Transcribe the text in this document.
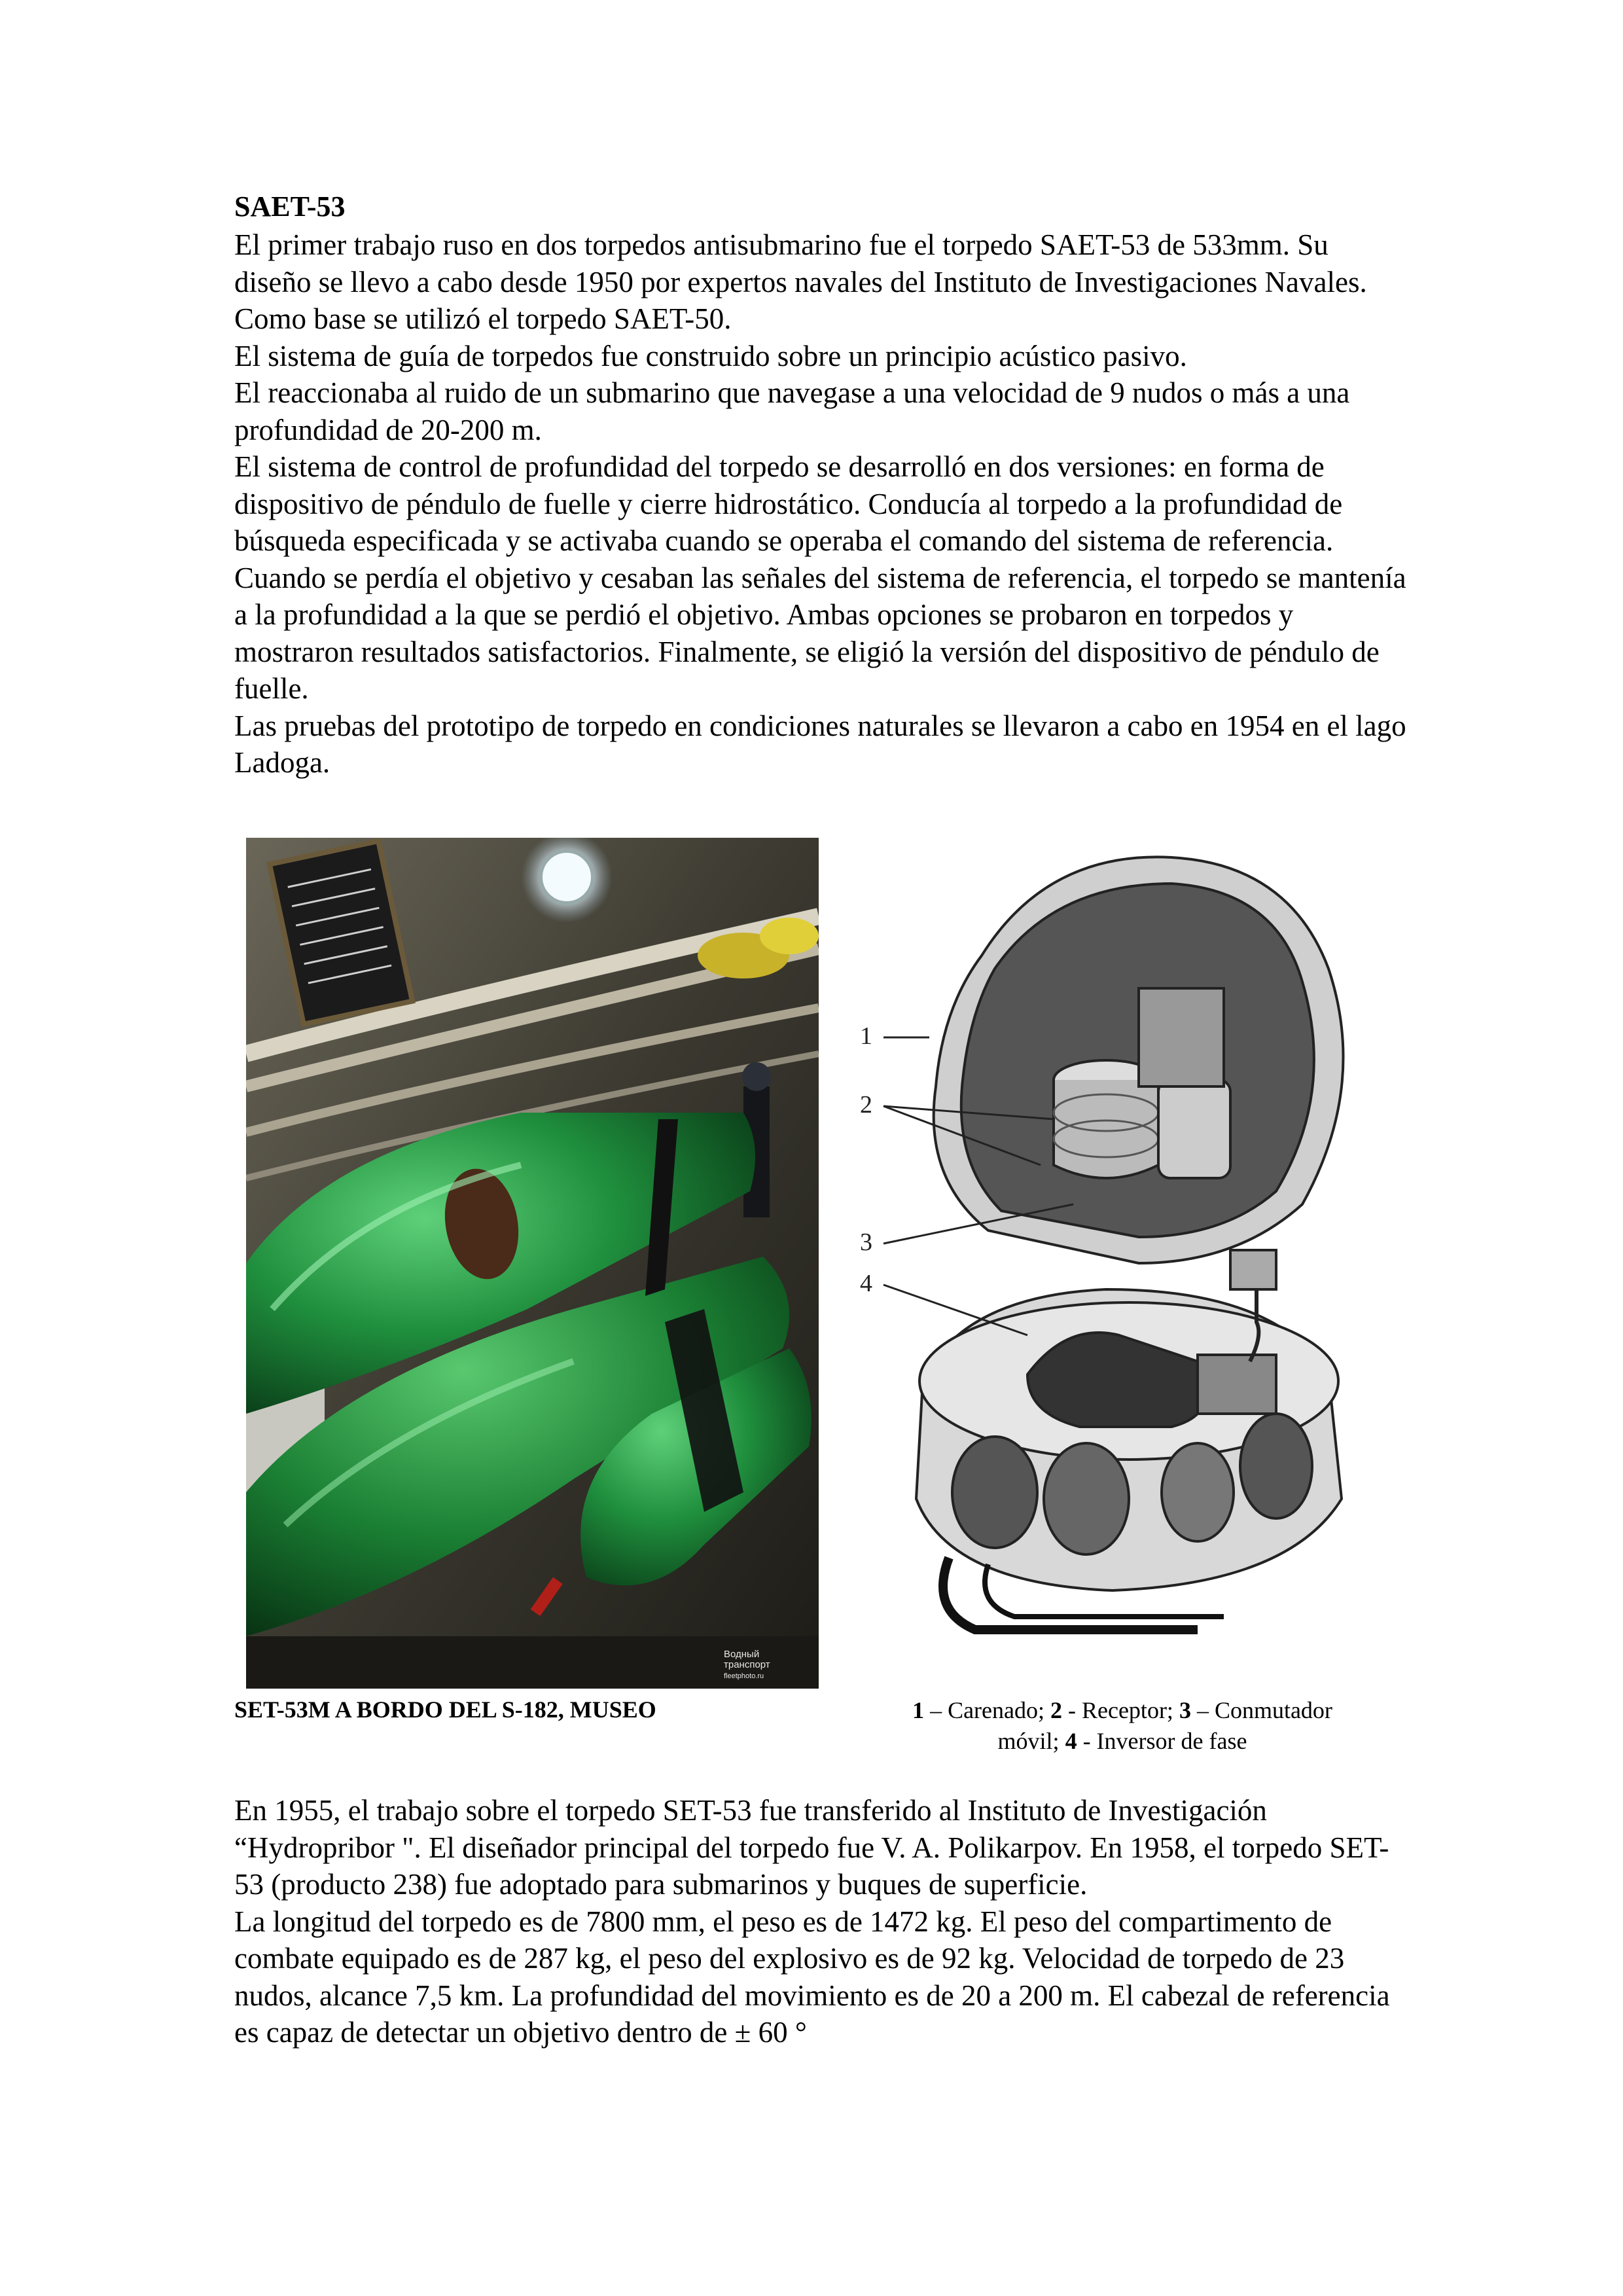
SAET-53

El primer trabajo ruso en dos torpedos antisubmarino fue el torpedo SAET-53 de 533mm. Su diseño se llevo a cabo desde 1950 por expertos navales del Instituto de Investigaciones Navales. Como base se utilizó el torpedo SAET-50.

El sistema de guía de torpedos fue construido sobre un principio acústico pasivo.

El reaccionaba al ruido de un submarino que navegase a una velocidad de 9 nudos o más a una profundidad de 20-200 m.

El sistema de control de profundidad del torpedo se desarrolló en dos versiones: en forma de dispositivo de péndulo de fuelle y cierre hidrostático. Conducía al torpedo a la profundidad de búsqueda especificada y se activaba cuando se operaba el comando del sistema de referencia. Cuando se perdía el objetivo y cesaban las señales del sistema de referencia, el torpedo se mantenía a la profundidad a la que se perdió el objetivo. Ambas opciones se probaron en torpedos y mostraron resultados satisfactorios. Finalmente, se eligió la versión del dispositivo de péndulo de fuelle.

Las pruebas del prototipo de torpedo en condiciones naturales se llevaron a cabo en 1954 en el lago Ladoga.

Водный
транспорт
fleetphoto.ru
1
2
3
4
SET-53M A BORDO DEL S-182, MUSEO	1 – Carenado; 2 - Receptor; 3 – Conmutador
móvil; 4 - Inversor de fase

En 1955, el trabajo sobre el torpedo SET-53 fue transferido al Instituto de Investigación “Hydropribor ". El diseñador principal del torpedo fue V. A. Polikarpov. En 1958, el torpedo SET-53 (producto 238) fue adoptado para submarinos y buques de superficie.

La longitud del torpedo es de 7800 mm, el peso es de 1472 kg. El peso del compartimento de combate equipado es de 287 kg, el peso del explosivo es de 92 kg. Velocidad de torpedo de 23 nudos, alcance 7,5 km. La profundidad del movimiento es de 20 a 200 m. El cabezal de referencia es capaz de detectar un objetivo dentro de ± 60 °
